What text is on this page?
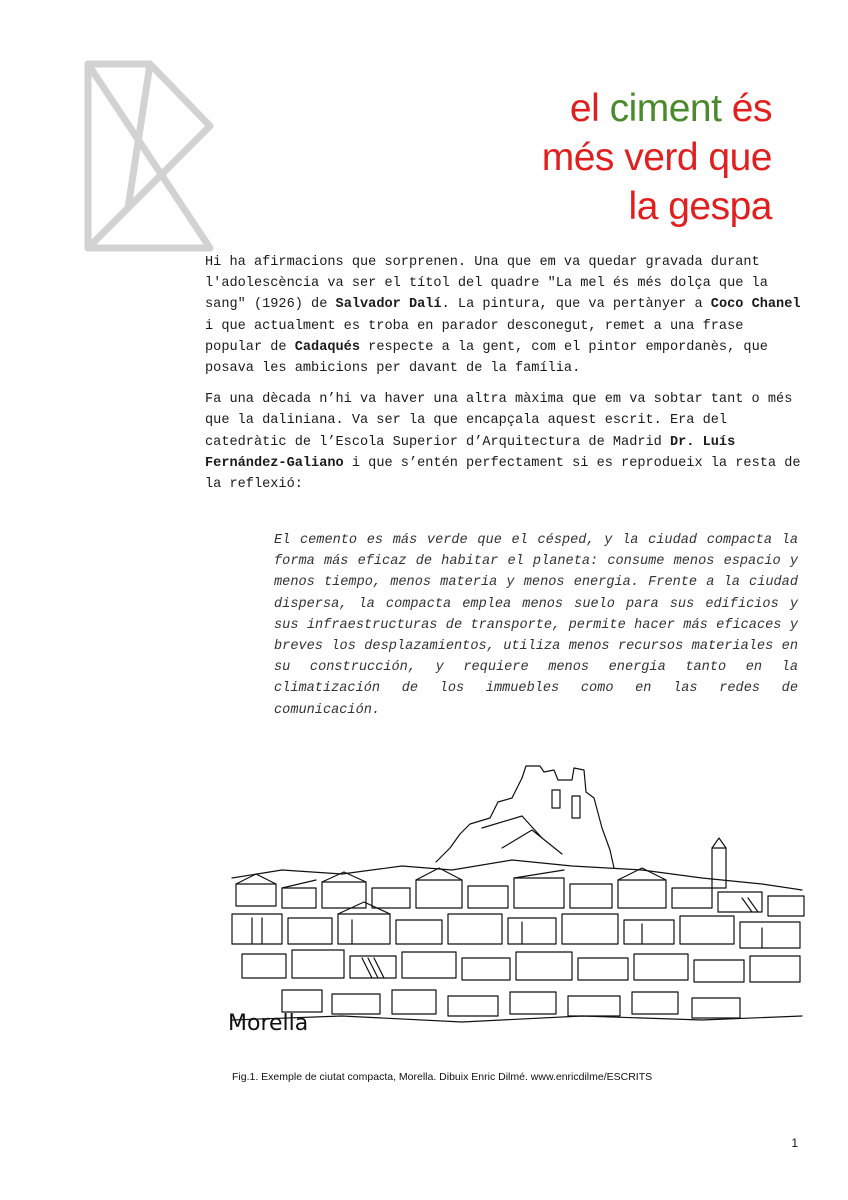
el ciment és
més verd que
la gespa

Hi ha afirmacions que sorprenen. Una que em va quedar gravada durant l'adolescència va ser el títol del quadre "La mel és més dolça que la sang" (1926) de Salvador Dalí. La pintura, que va pertànyer a Coco Chanel i que actualment es troba en parador desconegut, remet a una frase popular de Cadaqués respecte a la gent, com el pintor empordanès, que posava les ambicions per davant de la família.

Fa una dècada n’hi va haver una altra màxima que em va sobtar tant o més que la daliniana. Va ser la que encapçala aquest escrit. Era del catedràtic de l’Escola Superior d’Arquitectura de Madrid Dr. Luís Fernández-Galiano i que s’entén perfectament si es reprodueix la resta de la reflexió:

El cemento es más verde que el césped, y la ciudad compacta la forma más eficaz de habitar el planeta: consume menos espacio y menos tiempo, menos materia y menos energia. Frente a la ciudad dispersa, la compacta emplea menos suelo para sus edificios y sus infraestructuras de transporte, permite hacer más eficaces y breves los desplazamientos, utiliza menos recursos materiales en su construcción, y requiere menos energia tanto en la climatización de los immuebles como en las redes de comunicación.

Morella
Fig.1. Exemple de ciutat compacta, Morella. Dibuix Enric Dilmé. www.enricdilme/ESCRITS
1
